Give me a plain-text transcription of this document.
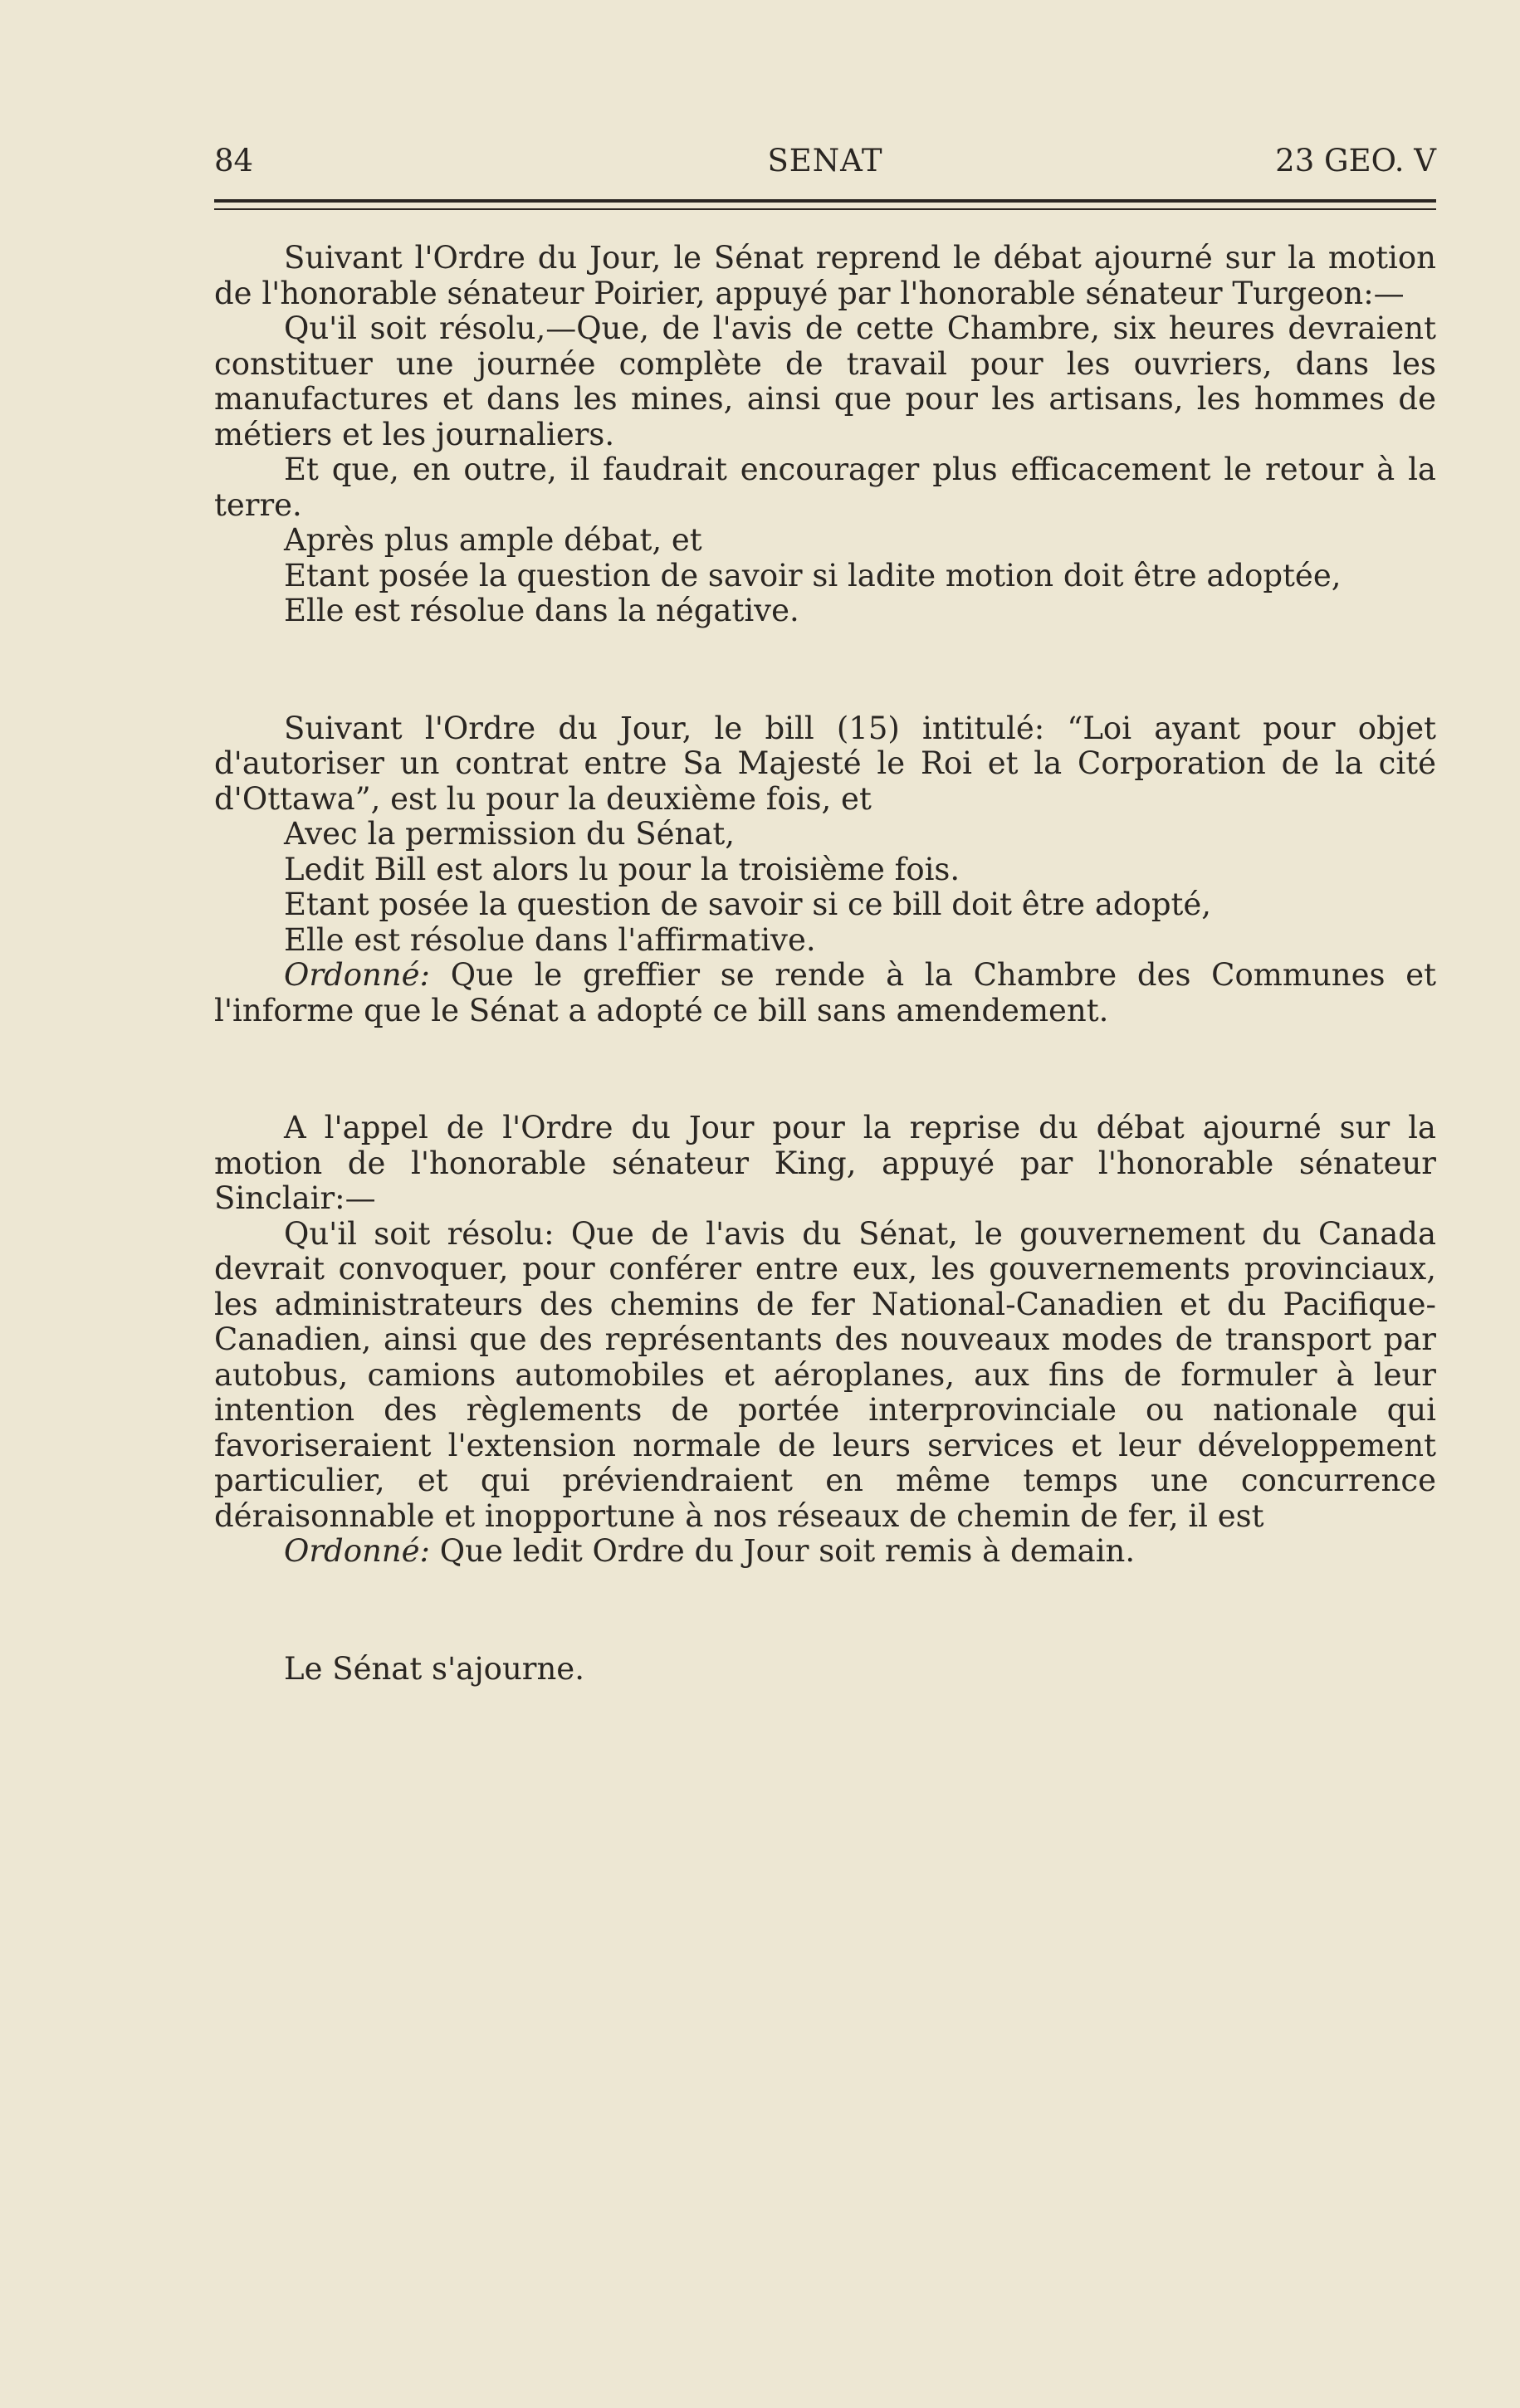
84	SENAT	23 GEO. V

Suivant l'Ordre du Jour, le Sénat reprend le débat ajourné sur la motion de l'honorable sénateur Poirier, appuyé par l'honorable sénateur Turgeon:—

Qu'il soit résolu,—Que, de l'avis de cette Chambre, six heures devraient constituer une journée complète de travail pour les ouvriers, dans les manufactures et dans les mines, ainsi que pour les artisans, les hommes de métiers et les journaliers.

Et que, en outre, il faudrait encourager plus efficacement le retour à la terre.

Après plus ample débat, et

Etant posée la question de savoir si ladite motion doit être adoptée,

Elle est résolue dans la négative.

Suivant l'Ordre du Jour, le bill (15) intitulé: “Loi ayant pour objet d'autoriser un contrat entre Sa Majesté le Roi et la Corporation de la cité d'Ottawa”, est lu pour la deuxième fois, et

Avec la permission du Sénat,

Ledit Bill est alors lu pour la troisième fois.

Etant posée la question de savoir si ce bill doit être adopté,

Elle est résolue dans l'affirmative.

Ordonné: Que le greffier se rende à la Chambre des Communes et l'informe que le Sénat a adopté ce bill sans amendement.

A l'appel de l'Ordre du Jour pour la reprise du débat ajourné sur la motion de l'honorable sénateur King, appuyé par l'honorable sénateur Sinclair:—

Qu'il soit résolu: Que de l'avis du Sénat, le gouvernement du Canada devrait convoquer, pour conférer entre eux, les gouvernements provinciaux, les administrateurs des chemins de fer National-Canadien et du Pacifique-Canadien, ainsi que des représentants des nouveaux modes de transport par autobus, camions automobiles et aéroplanes, aux fins de formuler à leur intention des règlements de portée interprovinciale ou nationale qui favoriseraient l'extension normale de leurs services et leur développement particulier, et qui préviendraient en même temps une concurrence déraisonnable et inopportune à nos réseaux de chemin de fer, il est

Ordonné: Que ledit Ordre du Jour soit remis à demain.

Le Sénat s'ajourne.
